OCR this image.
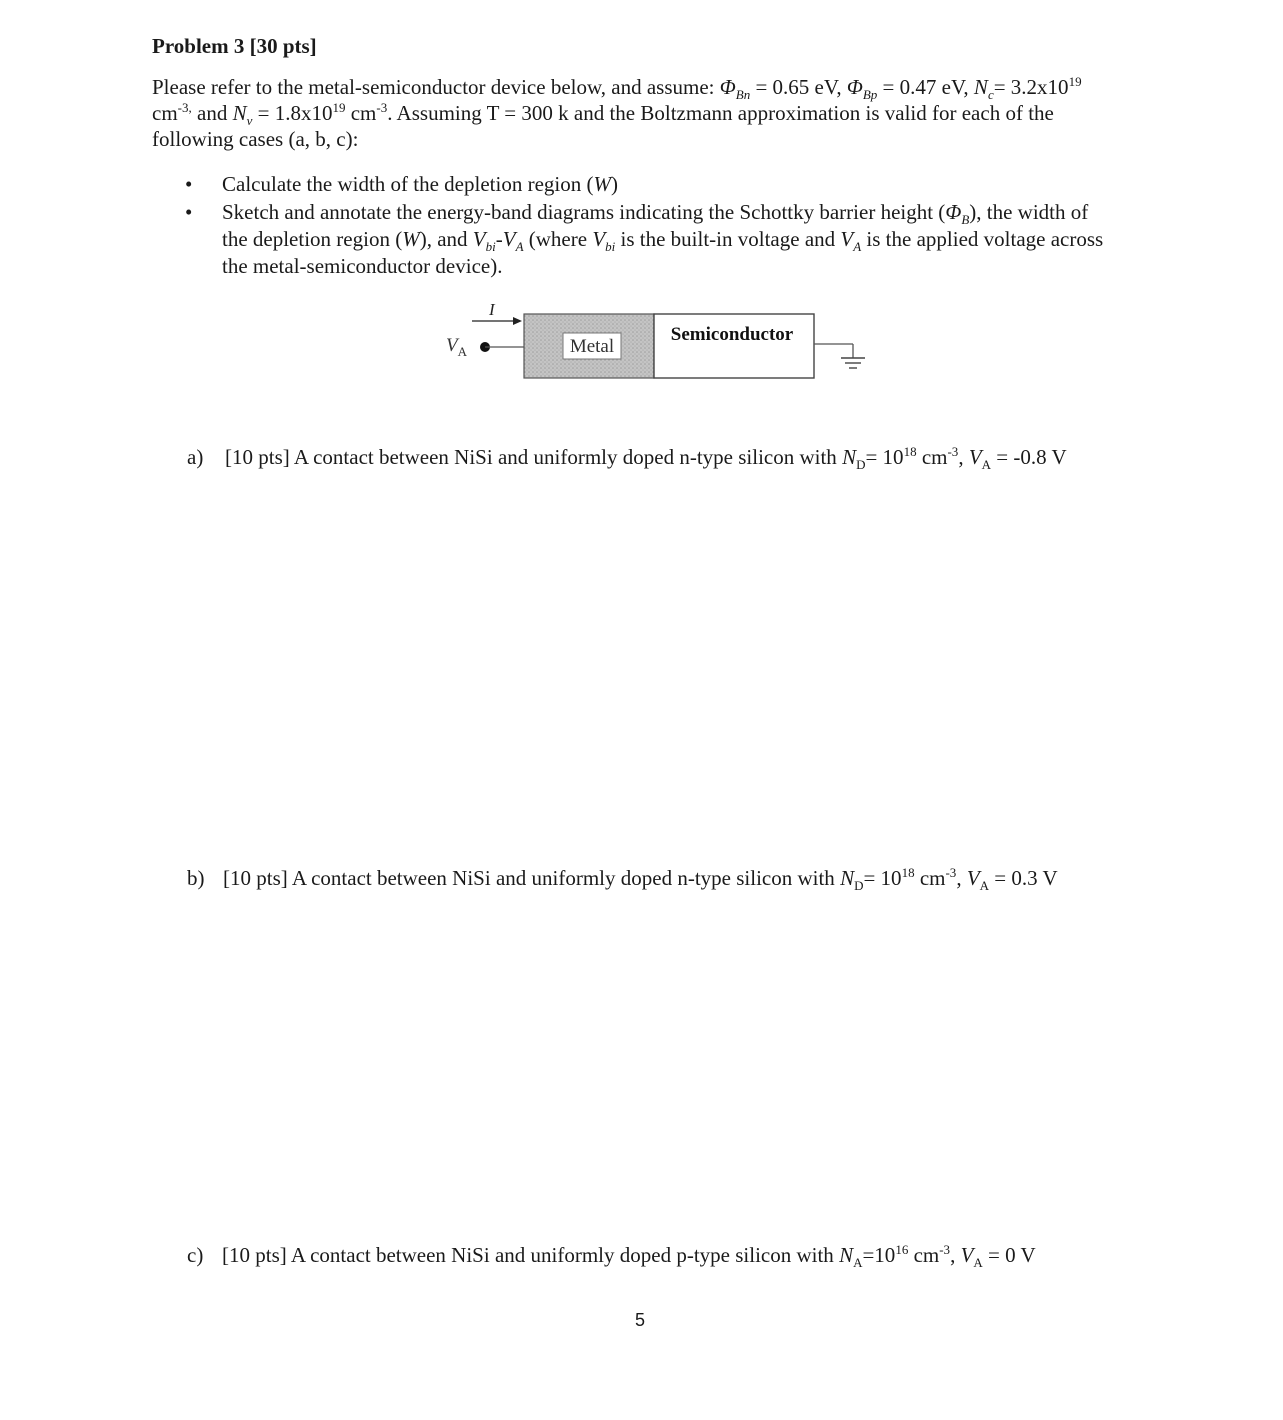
Problem 3 [30 pts]

Please refer to the metal-semiconductor device below, and assume: $\Phi_{Bn} = 0.65$ eV, $\Phi_{Bp} = 0.47$ eV, $N_c= 3.2x10^{19}$

$cm^{-3,}$ and $N_v = 1.8x10^{19}$ $cm^{-3}$. Assuming T = 300 k and the Boltzmann approximation is valid for each of the

following cases (a, b, c):

• Calculate the width of the depletion region (W)
• Sketch and annotate the energy-band diagrams indicating the Schottky barrier height $(\Phi_B)$, the width of
the depletion region (W), and $V_{bi}-V_A$ (where $V_{bi}$ is the built-in voltage and $V_A$ is the applied voltage across
the metal-semiconductor device).
I
$V_A$	Metal
Semiconductor
a) [10 pts] A contact between NiSi and uniformly doped n-type silicon with $N_D= 10^{18}$ $cm^{-3}$, $V_A = -0.8$ V
b) [10 pts] A contact between NiSi and uniformly doped n-type silicon with $N_D= 10^{18}$ $cm^{-3}$, $V_A = 0.3$ V
c) [10 pts] A contact between NiSi and uniformly doped p-type silicon with $N_A=10^{16}$ $cm^{-3}$, $V_A = 0$ V
5
